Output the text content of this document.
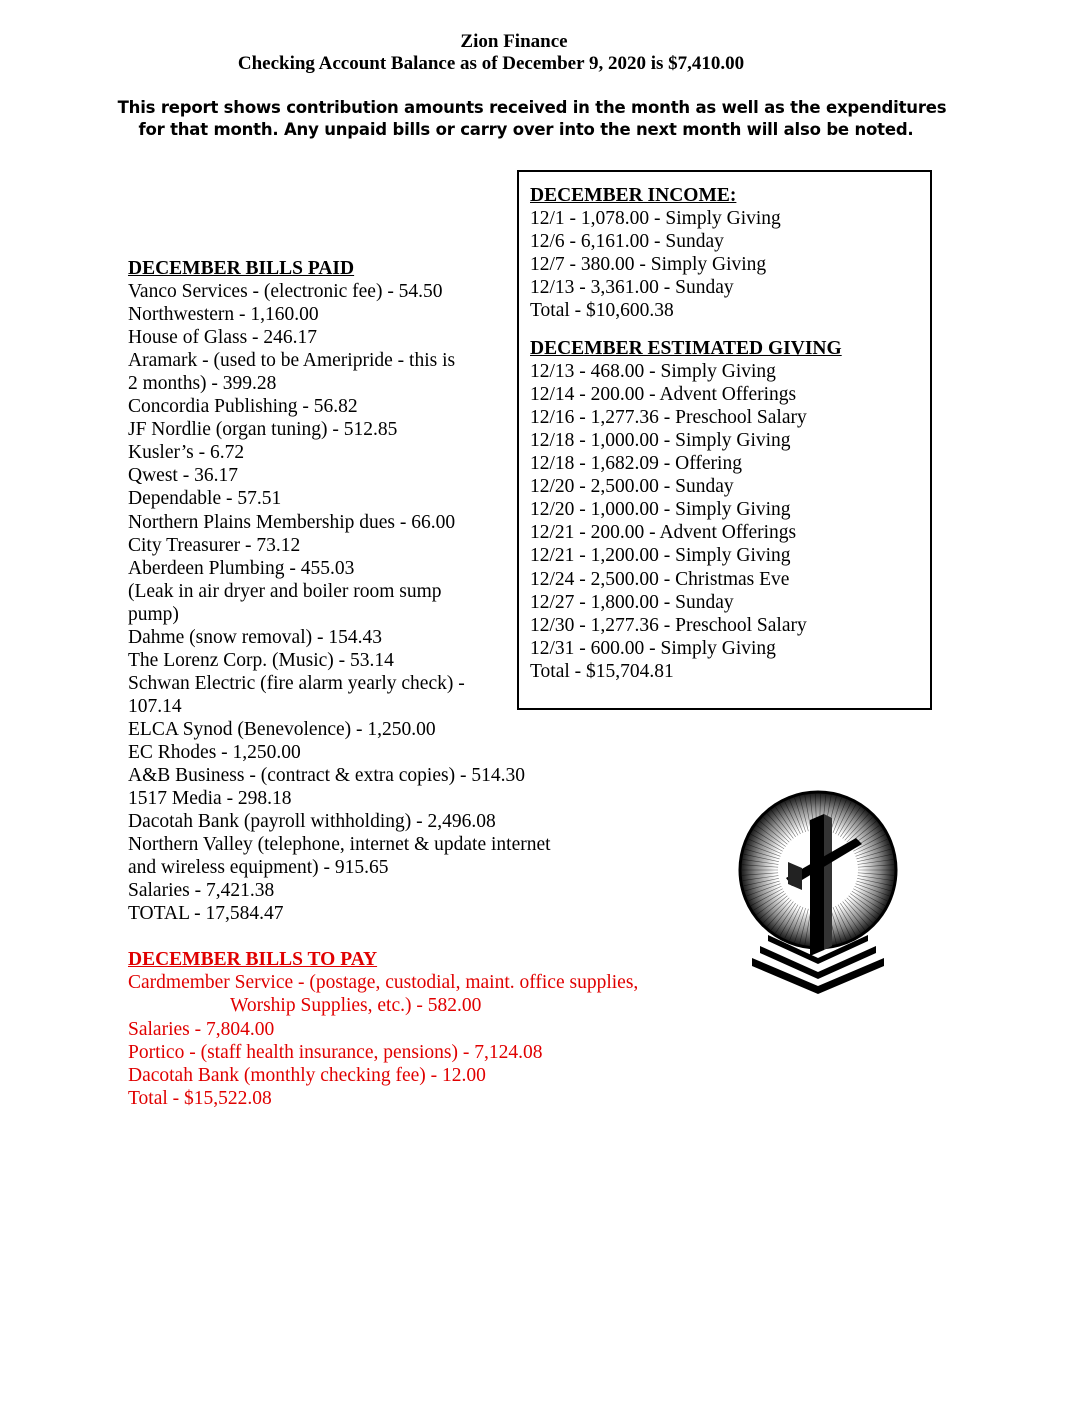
Zion Finance
Checking Account Balance as of December 9, 2020 is $7,410.00
This report shows contribution amounts received in the month as well as the expenditures
for that month. Any unpaid bills or carry over into the next month will also be noted.
DECEMBER BILLS PAID
Vanco Services - (electronic fee) - 54.50
Northwestern - 1,160.00
House of Glass - 246.17
Aramark - (used to be Ameripride - this is
2 months) - 399.28
Concordia Publishing - 56.82
JF Nordlie (organ tuning) - 512.85
Kusler’s - 6.72
Qwest - 36.17
Dependable - 57.51
Northern Plains Membership dues - 66.00
City Treasurer - 73.12
Aberdeen Plumbing - 455.03
(Leak in air dryer and boiler room sump
pump)
Dahme (snow removal) - 154.43
The Lorenz Corp. (Music) - 53.14
Schwan Electric (fire alarm yearly check) -
107.14
ELCA Synod (Benevolence) - 1,250.00
EC Rhodes - 1,250.00
A&B Business - (contract & extra copies) - 514.30
1517 Media - 298.18
Dacotah Bank (payroll withholding) - 2,496.08
Northern Valley (telephone, internet & update internet
and wireless equipment) - 915.65
Salaries - 7,421.38
TOTAL - 17,584.47
DECEMBER BILLS TO PAY
Cardmember Service - (postage, custodial, maint. office supplies,
Worship Supplies, etc.) - 582.00
Salaries - 7,804.00
Portico - (staff health insurance, pensions) - 7,124.08
Dacotah Bank (monthly checking fee) - 12.00
Total - $15,522.08
DECEMBER INCOME:
12/1 - 1,078.00 - Simply Giving
12/6 - 6,161.00 - Sunday
12/7 - 380.00 - Simply Giving
12/13 - 3,361.00 - Sunday
Total - $10,600.38
DECEMBER ESTIMATED GIVING
12/13 - 468.00 - Simply Giving
12/14 - 200.00 - Advent Offerings
12/16 - 1,277.36 - Preschool Salary
12/18 - 1,000.00 - Simply Giving
12/18 - 1,682.09 - Offering
12/20 - 2,500.00 - Sunday
12/20 - 1,000.00 - Simply Giving
12/21 - 200.00 - Advent Offerings
12/21 - 1,200.00 - Simply Giving
12/24 - 2,500.00 - Christmas Eve
12/27 - 1,800.00 - Sunday
12/30 - 1,277.36 - Preschool Salary
12/31 - 600.00 - Simply Giving
Total - $15,704.81
